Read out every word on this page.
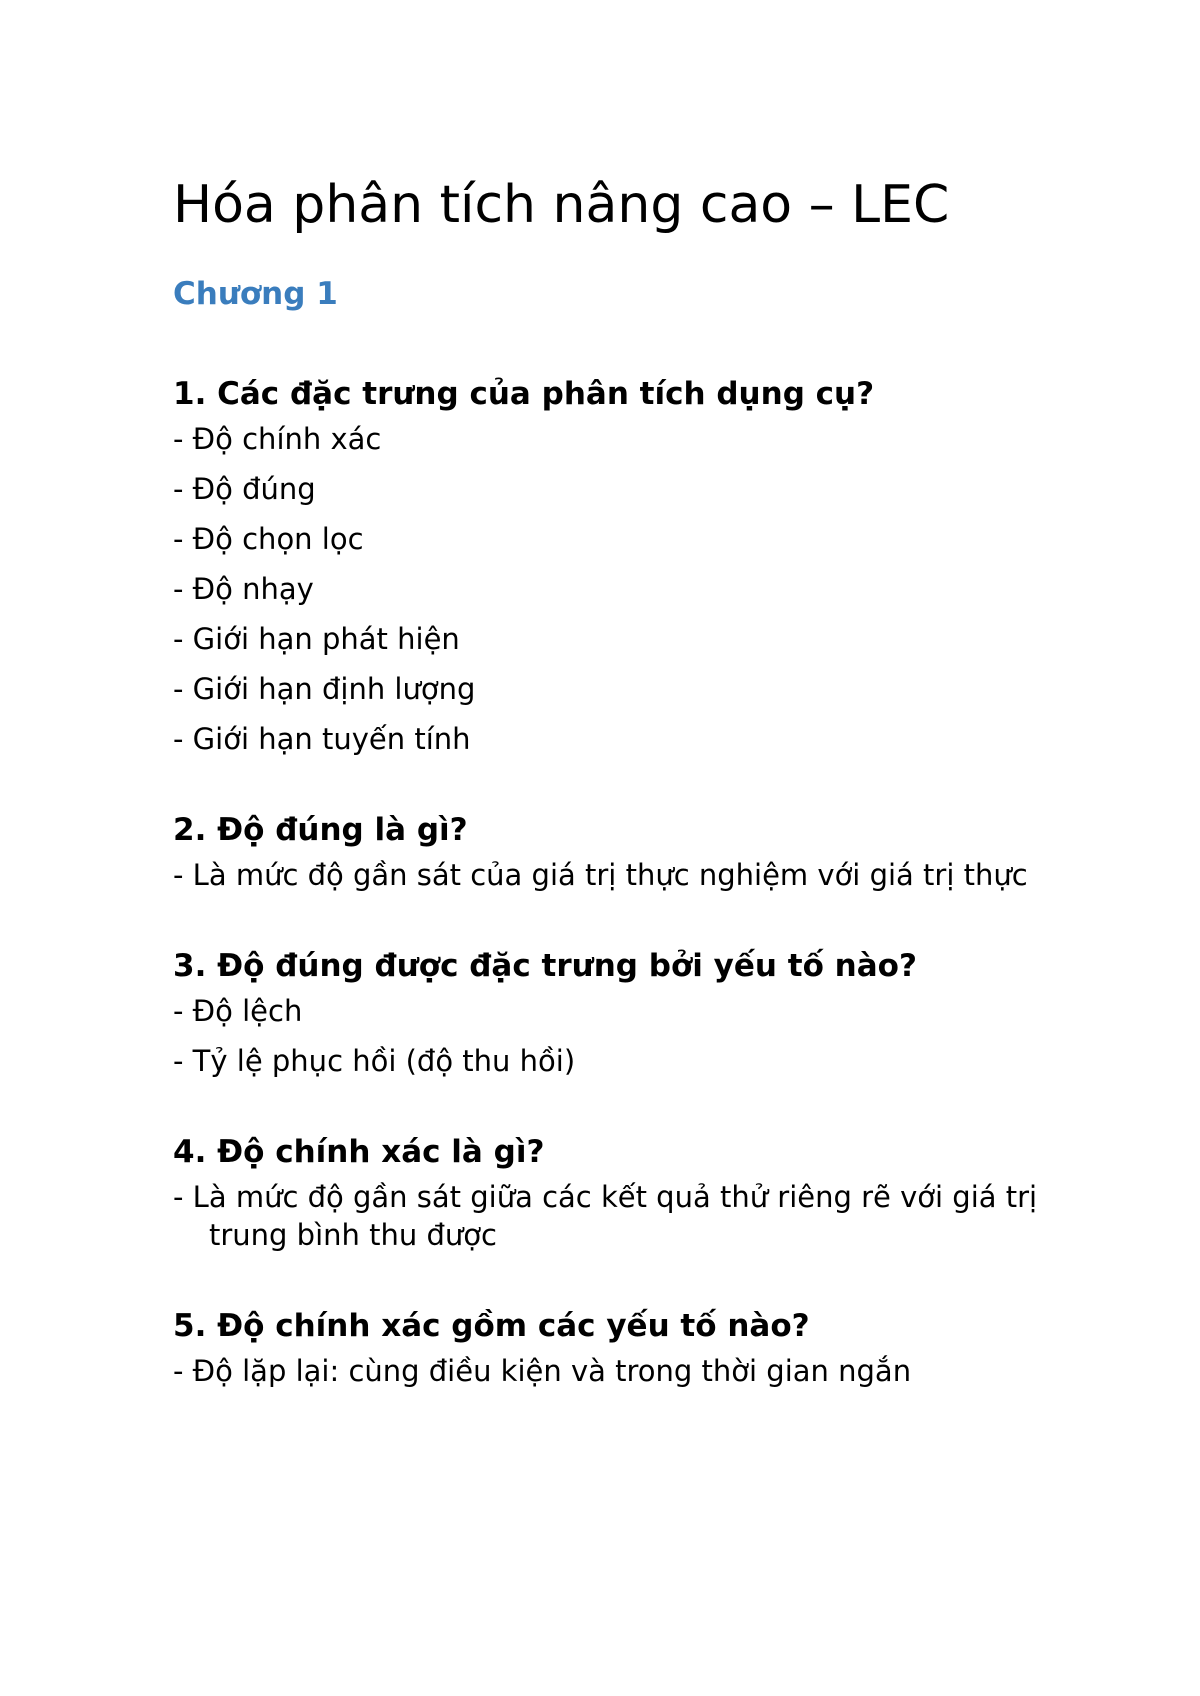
Hóa phân tích nâng cao – LEC
Chương 1
1. Các đặc trưng của phân tích dụng cụ?
- Độ chính xác
- Độ đúng
- Độ chọn lọc
- Độ nhạy
- Giới hạn phát hiện
- Giới hạn định lượng
- Giới hạn tuyến tính
2. Độ đúng là gì?
- Là mức độ gần sát của giá trị thực nghiệm với giá trị thực
3. Độ đúng được đặc trưng bởi yếu tố nào?
- Độ lệch
- Tỷ lệ phục hồi (độ thu hồi)
4. Độ chính xác là gì?
- Là mức độ gần sát giữa các kết quả thử riêng rẽ với giá trị trung bình thu được
5. Độ chính xác gồm các yếu tố nào?
- Độ lặp lại: cùng điều kiện và trong thời gian ngắn
